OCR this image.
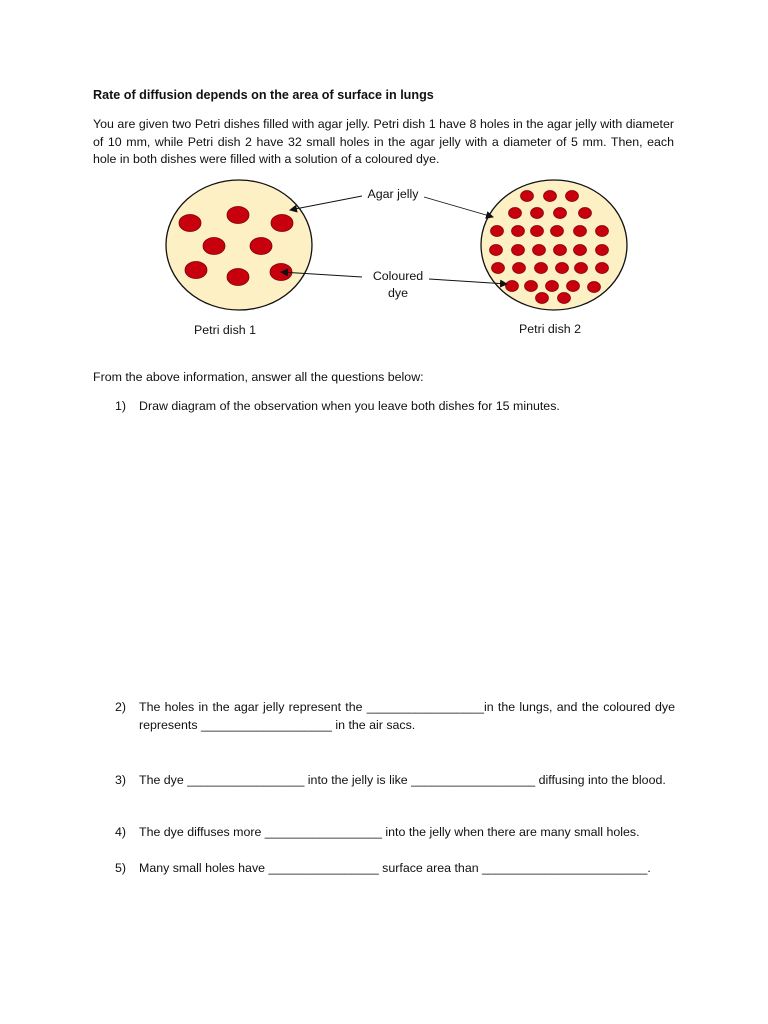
Rate of diffusion depends on the area of surface in lungs
You are given two Petri dishes filled with agar jelly. Petri dish 1 have 8 holes in the agar jelly with diameter of 10 mm, while Petri dish 2 have 32 small holes in the agar jelly with a diameter of 5 mm. Then, each hole in both dishes were filled with a solution of a coloured dye.
Agar jelly
Coloured
dye
Petri dish 1	Petri dish 2
From the above information, answer all the questions below:
1) Draw diagram of the observation when you leave both dishes for 15 minutes.
2) The holes in the agar jelly represent the _________________in the lungs, and the coloured dye represents ___________________ in the air sacs.
3) The dye _________________ into the jelly is like __________________ diffusing into the blood.
4) The dye diffuses more _________________ into the jelly when there are many small holes.
5) Many small holes have ________________ surface area than ________________________.
